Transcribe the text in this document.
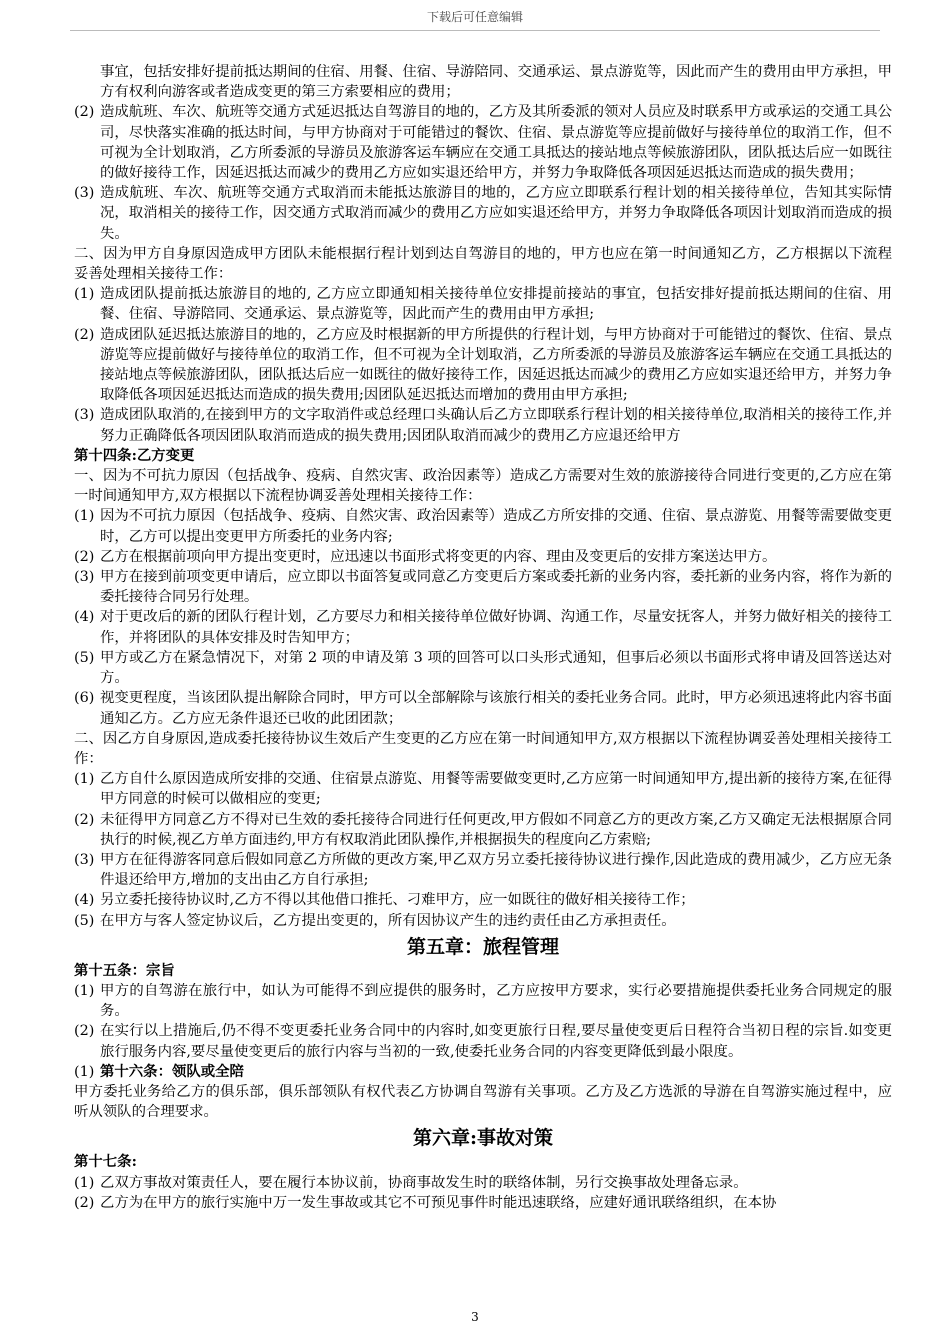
下载后可任意编辑

事宜，包括安排好提前抵达期间的住宿、用餐、住宿、导游陪同、交通承运、景点游览等，因此而产生的费用由甲方承担，甲方有权利向游客或者造成变更的第三方索要相应的费用；

(2) 造成航班、车次、航班等交通方式延迟抵达自驾游目的地的，乙方及其所委派的领对人员应及时联系甲方或承运的交通工具公司，尽快落实准确的抵达时间，与甲方协商对于可能错过的餐饮、住宿、景点游览等应提前做好与接待单位的取消工作，但不可视为全计划取消，乙方所委派的导游员及旅游客运车辆应在交通工具抵达的接站地点等候旅游团队，团队抵达后应一如既往的做好接待工作，因延迟抵达而减少的费用乙方应如实退还给甲方，并努力争取降低各项因延迟抵达而造成的损失费用；
(3) 造成航班、车次、航班等交通方式取消而未能抵达旅游目的地的，乙方应立即联系行程计划的相关接待单位，告知其实际情况，取消相关的接待工作，因交通方式取消而减少的费用乙方应如实退还给甲方，并努力争取降低各项因计划取消而造成的损失。

二、因为甲方自身原因造成甲方团队未能根据行程计划到达自驾游目的地的，甲方也应在第一时间通知乙方，乙方根据以下流程妥善处理相关接待工作：

(1) 造成团队提前抵达旅游目的地的, 乙方应立即通知相关接待单位安排提前接站的事宜，包括安排好提前抵达期间的住宿、用餐、住宿、导游陪同、交通承运、景点游览等，因此而产生的费用由甲方承担;
(2) 造成团队延迟抵达旅游目的地的，乙方应及时根据新的甲方所提供的行程计划，与甲方协商对于可能错过的餐饮、住宿、景点游览等应提前做好与接待单位的取消工作，但不可视为全计划取消，乙方所委派的导游员及旅游客运车辆应在交通工具抵达的接站地点等候旅游团队，团队抵达后应一如既往的做好接待工作，因延迟抵达而减少的费用乙方应如实退还给甲方，并努力争取降低各项因延迟抵达而造成的损失费用;因团队延迟抵达而增加的费用由甲方承担;
(3) 造成团队取消的,在接到甲方的文字取消件或总经理口头确认后乙方立即联系行程计划的相关接待单位,取消相关的接待工作,并努力正确降低各项因团队取消而造成的损失费用;因团队取消而减少的费用乙方应退还给甲方

第十四条:乙方变更

一、因为不可抗力原因（包括战争、疫病、自然灾害、政治因素等）造成乙方需要对生效的旅游接待合同进行变更的,乙方应在第一时间通知甲方,双方根据以下流程协调妥善处理相关接待工作：

(1) 因为不可抗力原因（包括战争、疫病、自然灾害、政治因素等）造成乙方所安排的交通、住宿、景点游览、用餐等需要做变更时，乙方可以提出变更甲方所委托的业务内容;
(2) 乙方在根据前项向甲方提出变更时，应迅速以书面形式将变更的内容、理由及变更后的安排方案送达甲方。
(3) 甲方在接到前项变更申请后，应立即以书面答复或同意乙方变更后方案或委托新的业务内容，委托新的业务内容，将作为新的委托接待合同另行处理。
(4) 对于更改后的新的团队行程计划，乙方要尽力和相关接待单位做好协调、沟通工作，尽量安抚客人，并努力做好相关的接待工作，并将团队的具体安排及时告知甲方；
(5) 甲方或乙方在紧急情况下，对第 2 项的申请及第 3 项的回答可以口头形式通知，但事后必须以书面形式将申请及回答送达对方。
(6) 视变更程度，当该团队提出解除合同时，甲方可以全部解除与该旅行相关的委托业务合同。此时，甲方必须迅速将此内容书面通知乙方。乙方应无条件退还已收的此团团款；

二、因乙方自身原因,造成委托接待协议生效后产生变更的乙方应在第一时间通知甲方,双方根据以下流程协调妥善处理相关接待工作：

(1) 乙方自什么原因造成所安排的交通、住宿景点游览、用餐等需要做变更时,乙方应第一时间通知甲方,提出新的接待方案,在征得甲方同意的时候可以做相应的变更;
(2) 未征得甲方同意乙方不得对已生效的委托接待合同进行任何更改,甲方假如不同意乙方的更改方案,乙方又确定无法根据原合同执行的时候,视乙方单方面违约,甲方有权取消此团队操作,并根据损失的程度向乙方索赔;
(3) 甲方在征得游客同意后假如同意乙方所做的更改方案,甲乙双方另立委托接待协议进行操作,因此造成的费用减少，乙方应无条件退还给甲方,增加的支出由乙方自行承担;
(4) 另立委托接待协议时,乙方不得以其他借口推托、刁难甲方，应一如既往的做好相关接待工作；
(5) 在甲方与客人签定协议后，乙方提出变更的，所有因协议产生的违约责任由乙方承担责任。

第五章：旅程管理

第十五条：宗旨

(1) 甲方的自驾游在旅行中，如认为可能得不到应提供的服务时，乙方应按甲方要求，实行必要措施提供委托业务合同规定的服务。
(2) 在实行以上措施后,仍不得不变更委托业务合同中的内容时,如变更旅行日程,要尽量使变更后日程符合当初日程的宗旨.如变更旅行服务内容,要尽量使变更后的旅行内容与当初的一致,使委托业务合同的内容变更降低到最小限度。
(1) 第十六条：领队或全陪

甲方委托业务给乙方的俱乐部，俱乐部领队有权代表乙方协调自驾游有关事项。乙方及乙方选派的导游在自驾游实施过程中，应听从领队的合理要求。

第六章:事故对策

第十七条:

(1) 乙双方事故对策责任人，要在履行本协议前，协商事故发生时的联络体制，另行交换事故处理备忘录。
(2) 乙方为在甲方的旅行实施中万一发生事故或其它不可预见事件时能迅速联络，应建好通讯联络组织，在本协
3
